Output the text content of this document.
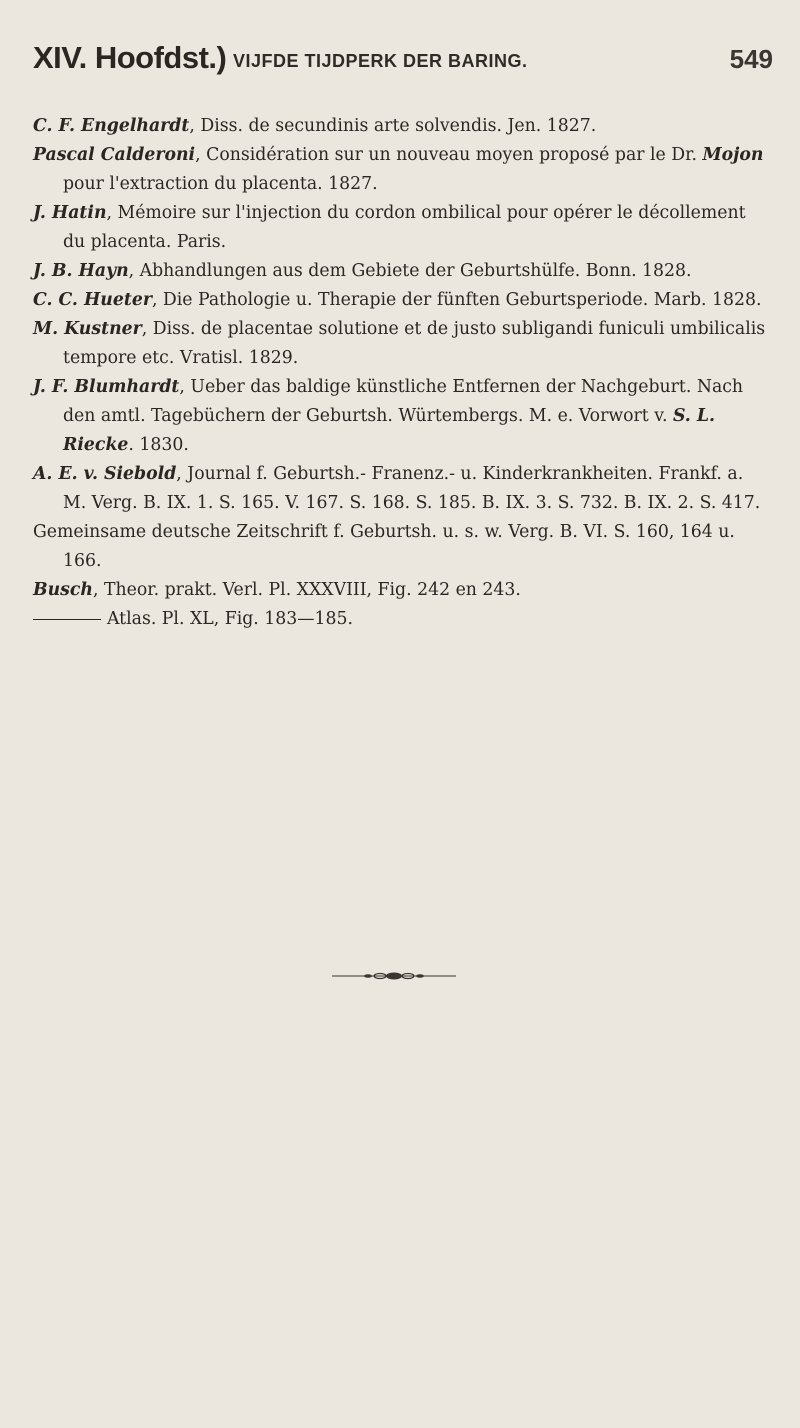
XIV. Hoofdst.) VIJFDE TIJDPERK DER BARING.	549

C. F. Engelhardt, Diss. de secundinis arte solvendis. Jen. 1827.

Pascal Calderoni, Considération sur un nouveau moyen proposé par le Dr. Mojon pour l'extraction du placenta. 1827.

J. Hatin, Mémoire sur l'injection du cordon ombilical pour opérer le décollement du placenta. Paris.

J. B. Hayn, Abhandlungen aus dem Gebiete der Geburtshülfe. Bonn. 1828.

C. C. Hueter, Die Pathologie u. Therapie der fünften Geburtsperiode. Marb. 1828.

M. Kustner, Diss. de placentae solutione et de justo subligandi funiculi umbilicalis tempore etc. Vratisl. 1829.

J. F. Blumhardt, Ueber das baldige künstliche Entfernen der Nachgeburt. Nach den amtl. Tagebüchern der Geburtsh. Würtembergs. M. e. Vorwort v. S. L. Riecke. 1830.

A. E. v. Siebold, Journal f. Geburtsh.- Franenz.- u. Kinderkrankheiten. Frankf. a. M. Verg. B. IX. 1. S. 165. V. 167. S. 168. S. 185. B. IX. 3. S. 732. B. IX. 2. S. 417.

Gemeinsame deutsche Zeitschrift f. Geburtsh. u. s. w. Verg. B. VI. S. 160, 164 u. 166.

Busch, Theor. prakt. Verl. Pl. XXXVIII, Fig. 242 en 243.

Atlas. Pl. XL, Fig. 183—185.
